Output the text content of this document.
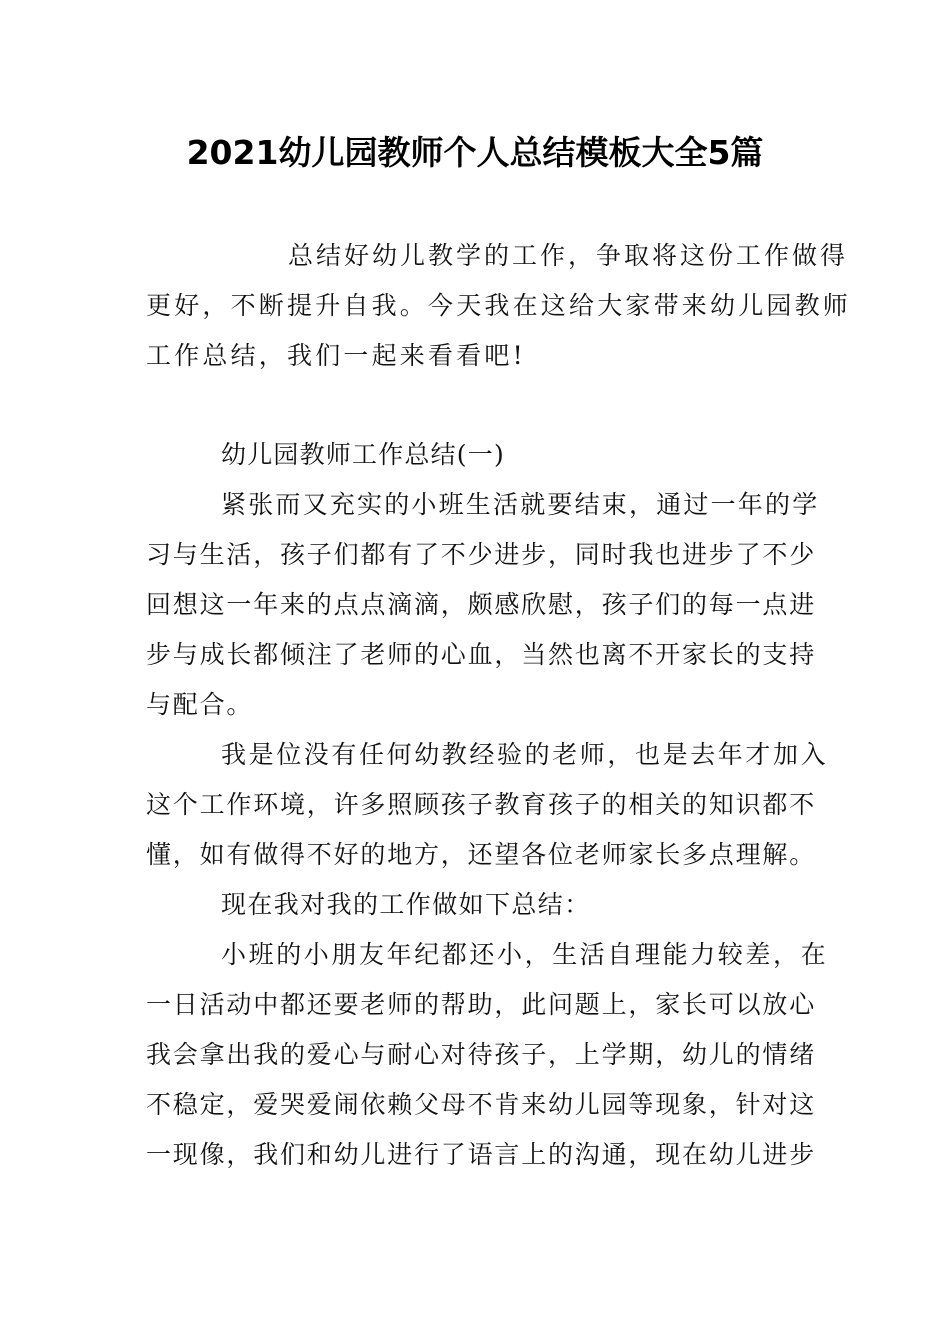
2021幼儿园教师个人总结模板大全5篇
总结好幼儿教学的工作，争取将这份工作做得
更好，不断提升自我。今天我在这给大家带来幼儿园教师
工作总结，我们一起来看看吧!
幼儿园教师工作总结(一)
紧张而又充实的小班生活就要结束，通过一年的学
习与生活，孩子们都有了不少进步，同时我也进步了不少
回想这一年来的点点滴滴，颇感欣慰，孩子们的每一点进
步与成长都倾注了老师的心血，当然也离不开家长的支持
与配合。
我是位没有任何幼教经验的老师，也是去年才加入
这个工作环境，许多照顾孩子教育孩子的相关的知识都不
懂，如有做得不好的地方，还望各位老师家长多点理解。
现在我对我的工作做如下总结：
小班的小朋友年纪都还小，生活自理能力较差，在
一日活动中都还要老师的帮助，此问题上，家长可以放心
我会拿出我的爱心与耐心对待孩子，上学期，幼儿的情绪
不稳定，爱哭爱闹依赖父母不肯来幼儿园等现象，针对这
一现像，我们和幼儿进行了语言上的沟通，现在幼儿进步
